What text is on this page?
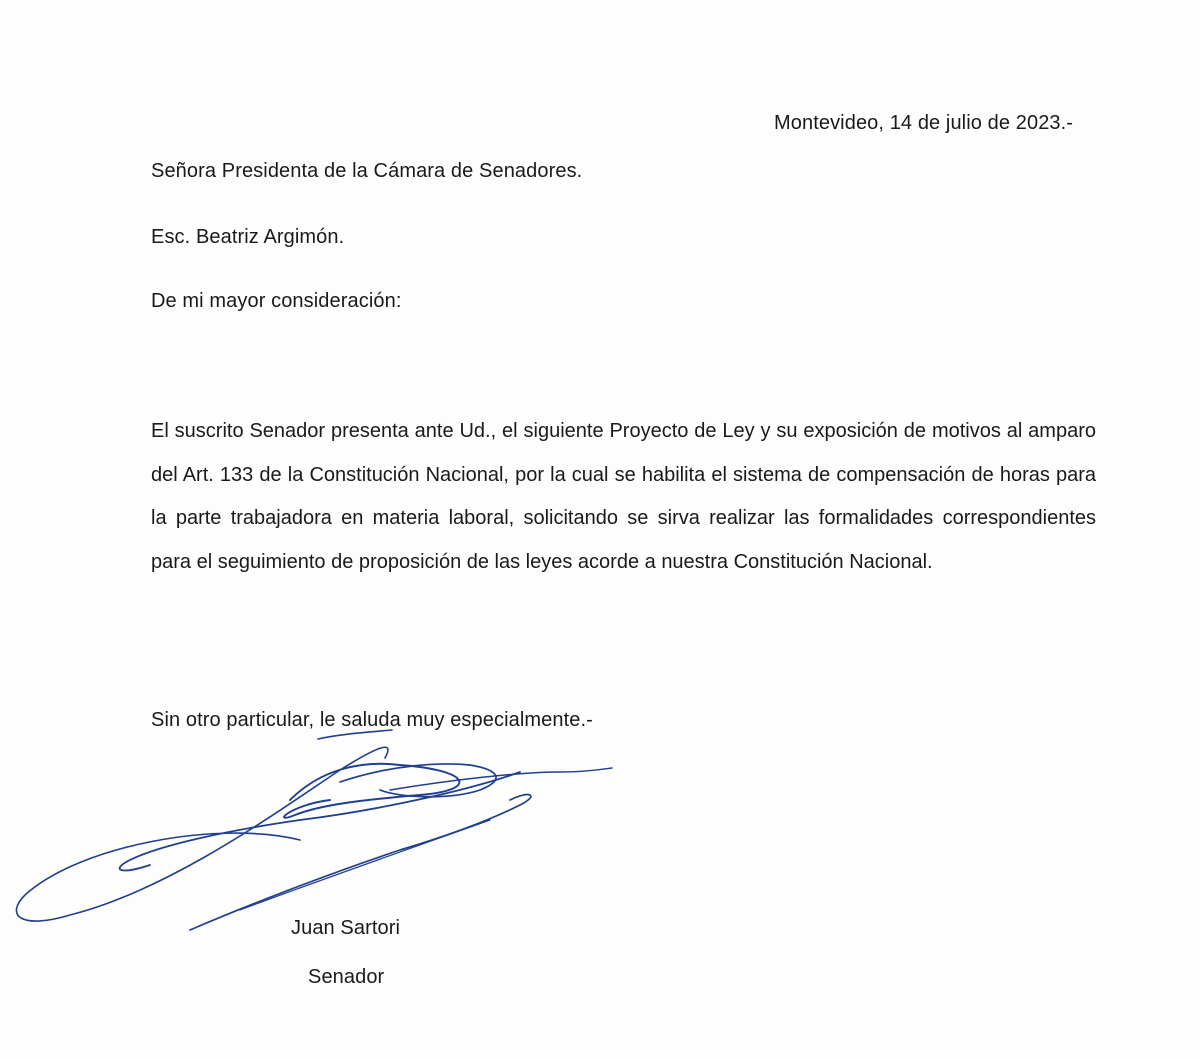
Montevideo, 14 de julio de 2023.-
Señora Presidenta de la Cámara de Senadores.
Esc. Beatriz Argimón.
De mi mayor consideración:
El suscrito Senador presenta ante Ud., el siguiente Proyecto de Ley y su exposición de motivos al amparo del Art. 133 de la Constitución Nacional, por la cual se habilita el sistema de compensación de horas para la parte trabajadora en materia laboral, solicitando se sirva realizar las formalidades correspondientes para el seguimiento de proposición de las leyes acorde a nuestra Constitución Nacional.
Sin otro particular, le saluda muy especialmente.-
Juan Sartori
Senador
